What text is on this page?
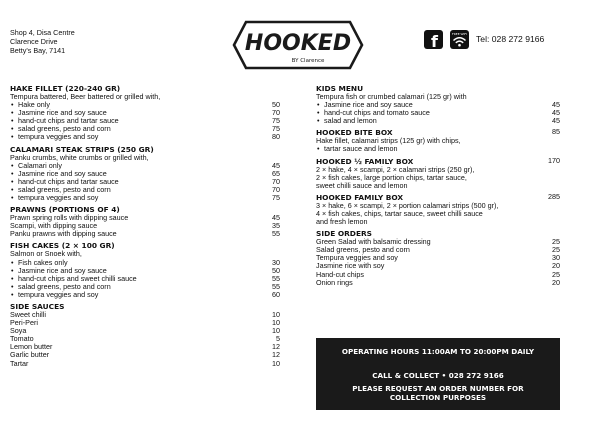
Shop 4, Disa Centre
Clarence Drive
Betty's Bay, 7141	HOOKED
BY Clarence
f	FREE WIFI Tel: 028 272 9166
HAKE FILLET (220-240 GR)
Tempura battered, Beer battered or grilled with,
• Hake only	50
• Jasmine rice and soy sauce	70
• hand-cut chips and tartar sauce	75
• salad greens, pesto and corn	75
• tempura veggies and soy	80
CALAMARI STEAK STRIPS (250 GR)
Panku crumbs, white crumbs or grilled with,
• Calamari only	45
• Jasmine rice and soy sauce	65
• hand-cut chips and tartar sauce	70
• salad greens, pesto and corn	70
• tempura veggies and soy	75
PRAWNS (PORTIONS OF 4)
Prawn spring rolls with dipping sauce	45
Scampi, with dipping sauce	35
Panku prawns with dipping sauce	55
FISH CAKES (2 × 100 GR)
Salmon or Snoek with,
• Fish cakes only	30
• Jasmine rice and soy sauce	50
• hand-cut chips and sweet chilli sauce	55
• salad greens, pesto and corn	55
• tempura veggies and soy	60
SIDE SAUCES
Sweet chilli	10
Peri-Peri	10
Soya	10
Tomato	5
Lemon butter	12
Garlic butter	12
Tartar	10
KIDS MENU
Tempura fish or crumbed calamari (125 gr) with
• Jasmine rice and soy sauce	45
• hand-cut chips and tomato sauce	45
• salad and lemon	45
HOOKED BITE BOX	85
Hake fillet, calamari strips (125 gr) with chips,
• tartar sauce and lemon
HOOKED ½ FAMILY BOX	170
2 × hake, 4 × scampi, 2 × calamari strips (250 gr),
2 × fish cakes, large portion chips, tartar sauce,
sweet chilli sauce and lemon
HOOKED FAMILY BOX	285
3 × hake, 6 × scampi, 2 × portion calamari strips (500 gr),
4 × fish cakes, chips, tartar sauce, sweet chilli sauce
and fresh lemon
SIDE ORDERS
Green Salad with balsamic dressing	25
Salad greens, pesto and corn	25
Tempura veggies and soy	30
Jasmine rice with soy	20
Hand-cut chips	25
Onion rings	20
OPERATING HOURS 11:00AM TO 20:00PM DAILY
CALL & COLLECT • 028 272 9166
PLEASE REQUEST AN ORDER NUMBER FOR
COLLECTION PURPOSES
